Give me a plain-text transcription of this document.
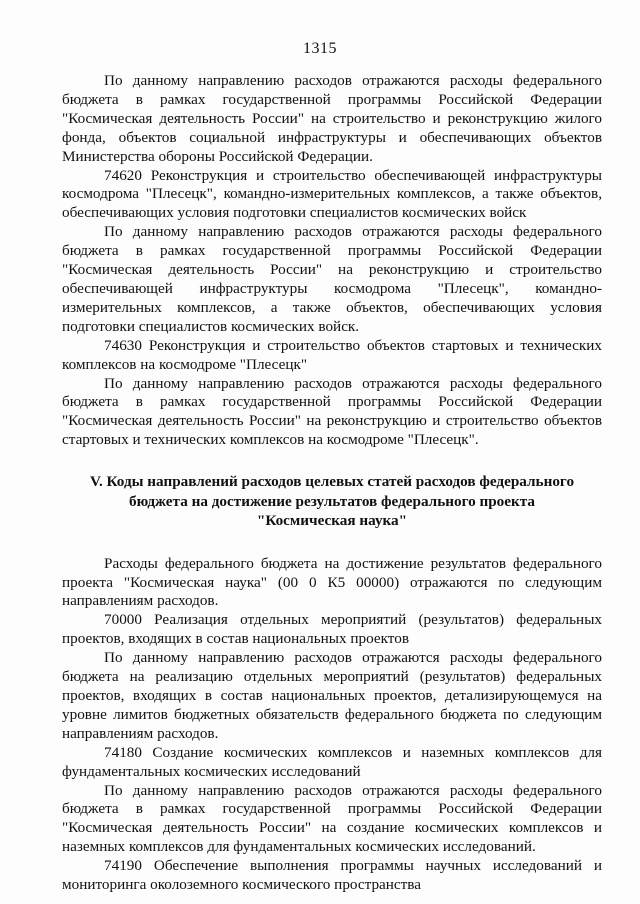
1315

По данному направлению расходов отражаются расходы федерального бюджета в рамках государственной программы Российской Федерации "Космическая деятельность России" на строительство и реконструкцию жилого фонда, объектов социальной инфраструктуры и обеспечивающих объектов Министерства обороны Российской Федерации.

74620 Реконструкция и строительство обеспечивающей инфраструктуры космодрома "Плесецк", командно-измерительных комплексов, а также объектов, обеспечивающих условия подготовки специалистов космических войск

По данному направлению расходов отражаются расходы федерального бюджета в рамках государственной программы Российской Федерации "Космическая деятельность России" на реконструкцию и строительство обеспечивающей инфраструктуры космодрома "Плесецк", командно-измерительных комплексов, а также объектов, обеспечивающих условия подготовки специалистов космических войск.

74630 Реконструкция и строительство объектов стартовых и технических комплексов на космодроме "Плесецк"

По данному направлению расходов отражаются расходы федерального бюджета в рамках государственной программы Российской Федерации "Космическая деятельность России" на реконструкцию и строительство объектов стартовых и технических комплексов на космодроме "Плесецк".

V. Коды направлений расходов целевых статей расходов федерального
бюджета на достижение результатов федерального проекта
"Космическая наука"

Расходы федерального бюджета на достижение результатов федерального проекта "Космическая наука" (00 0 К5 00000) отражаются по следующим направлениям расходов.

70000 Реализация отдельных мероприятий (результатов) федеральных проектов, входящих в состав национальных проектов

По данному направлению расходов отражаются расходы федерального бюджета на реализацию отдельных мероприятий (результатов) федеральных проектов, входящих в состав национальных проектов, детализирующемуся на уровне лимитов бюджетных обязательств федерального бюджета по следующим направлениям расходов.

74180 Создание космических комплексов и наземных комплексов для фундаментальных космических исследований

По данному направлению расходов отражаются расходы федерального бюджета в рамках государственной программы Российской Федерации "Космическая деятельность России" на создание космических комплексов и наземных комплексов для фундаментальных космических исследований.

74190 Обеспечение выполнения программы научных исследований и мониторинга околоземного космического пространства
